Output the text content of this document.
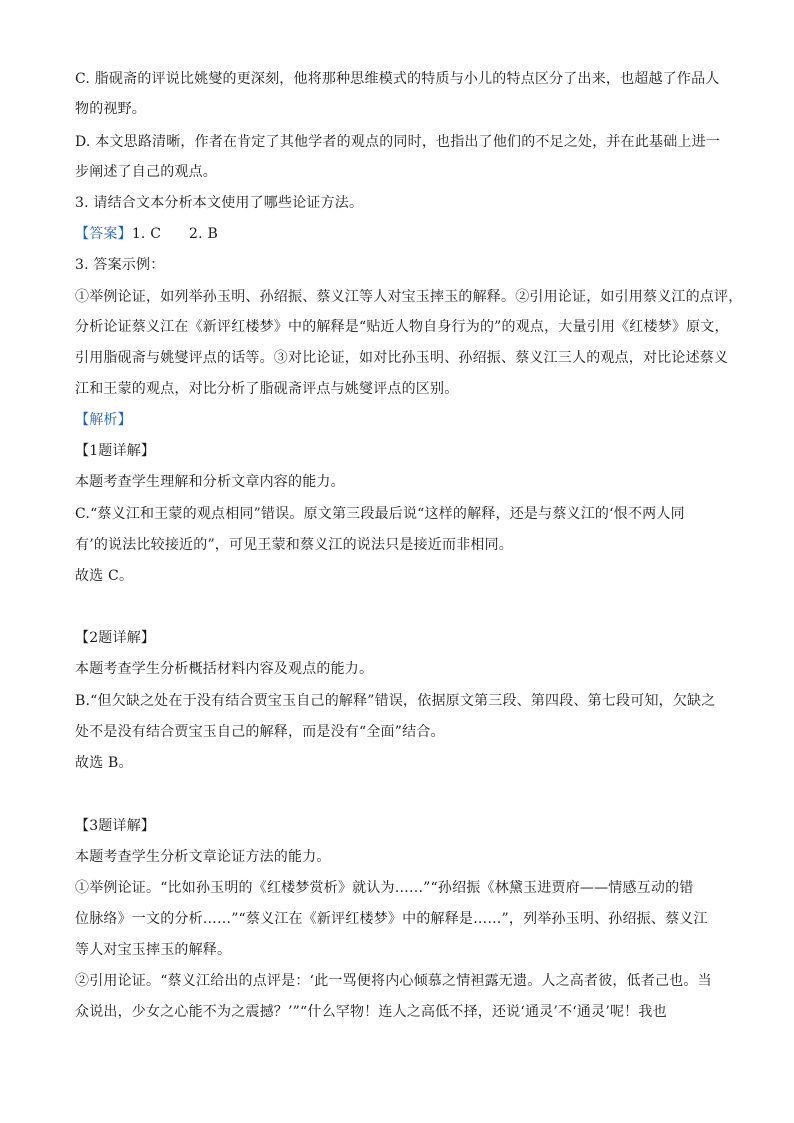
C. 脂砚斋的评说比姚燮的更深刻，他将那种思维模式的特质与小儿的特点区分了出来，也超越了作品人
物的视野。
D. 本文思路清晰，作者在肯定了其他学者的观点的同时，也指出了他们的不足之处，并在此基础上进一
步阐述了自己的观点。
3. 请结合文本分析本文使用了哪些论证方法。
【答案】1. C      2. B
3. 答案示例：
①举例论证，如列举孙玉明、孙绍振、蔡义江等人对宝玉摔玉的解释。②引用论证，如引用蔡义江的点评，
分析论证蔡义江在《新评红楼梦》中的解释是“贴近人物自身行为的”的观点，大量引用《红楼梦》原文，
引用脂砚斋与姚燮评点的话等。③对比论证，如对比孙玉明、孙绍振、蔡义江三人的观点，对比论述蔡义
江和王蒙的观点，对比分析了脂砚斋评点与姚燮评点的区别。
【解析】
【1题详解】
本题考查学生理解和分析文章内容的能力。
C.“蔡义江和王蒙的观点相同”错误。原文第三段最后说“这样的解释，还是与蔡义江的‘恨不两人同
有’的说法比较接近的”，可见王蒙和蔡义江的说法只是接近而非相同。
故选 C。
【2题详解】
本题考查学生分析概括材料内容及观点的能力。
B.“但欠缺之处在于没有结合贾宝玉自己的解释”错误，依据原文第三段、第四段、第七段可知，欠缺之
处不是没有结合贾宝玉自己的解释，而是没有“全面”结合。
故选 B。
【3题详解】
本题考查学生分析文章论证方法的能力。
①举例论证。“比如孙玉明的《红楼梦赏析》就认为……”“孙绍振《林黛玉进贾府——情感互动的错
位脉络》一文的分析……”“蔡义江在《新评红楼梦》中的解释是……”，列举孙玉明、孙绍振、蔡义江
等人对宝玉摔玉的解释。
②引用论证。“蔡义江给出的点评是：‘此一骂便将内心倾慕之情袒露无遗。人之高者彼，低者己也。当
众说出，少女之心能不为之震撼？’”“什么罕物！连人之高低不择，还说‘通灵’不‘通灵’呢！我也
